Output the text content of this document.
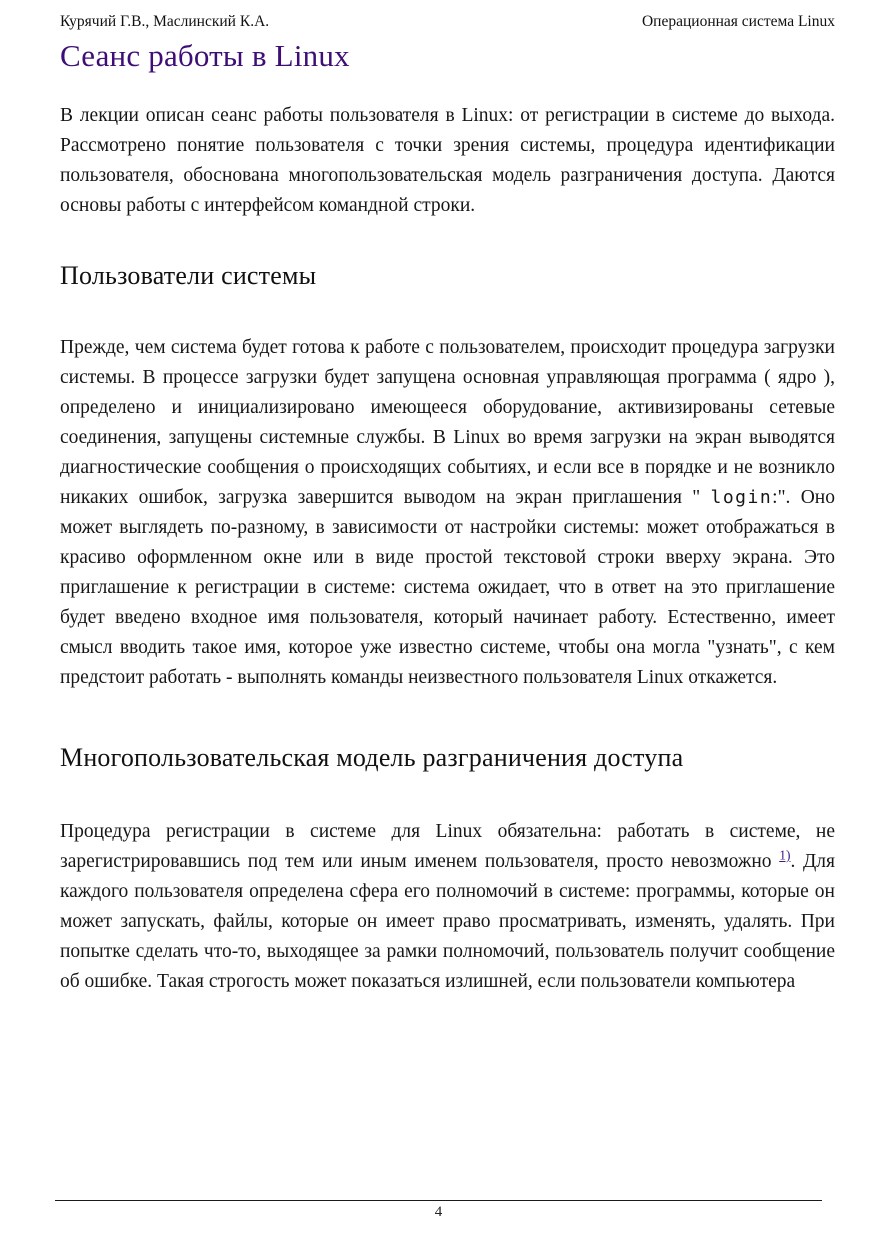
Курячий Г.В., Маслинский К.А.	Операционная система Linux
Сеанс работы в Linux

В лекции описан сеанс работы пользователя в Linux: от регистрации в системе до выхода. Рассмотрено понятие пользователя с точки зрения системы, процедура идентификации пользователя, обоснована многопользовательская модель разграничения доступа. Даются основы работы с интерфейсом командной строки.

Пользователи системы

Прежде, чем система будет готова к работе с пользователем, происходит процедура загрузки системы. В процессе загрузки будет запущена основная управляющая программа ( ядро ), определено и инициализировано имеющееся оборудование, активизированы сетевые соединения, запущены системные службы. В Linux во время загрузки на экран выводятся диагностические сообщения о происходящих событиях, и если все в порядке и не возникло никаких ошибок, загрузка завершится выводом на экран приглашения " login:". Оно может выглядеть по-разному, в зависимости от настройки системы: может отображаться в красиво оформленном окне или в виде простой текстовой строки вверху экрана. Это приглашение к регистрации в системе: система ожидает, что в ответ на это приглашение будет введено входное имя пользователя, который начинает работу. Естественно, имеет смысл вводить такое имя, которое уже известно системе, чтобы она могла "узнать", с кем предстоит работать - выполнять команды неизвестного пользователя Linux откажется.

Многопользовательская модель разграничения доступа

Процедура регистрации в системе для Linux обязательна: работать в системе, не зарегистрировавшись под тем или иным именем пользователя, просто невозможно $^{1)}$. Для каждого пользователя определена сфера его полномочий в системе: программы, которые он может запускать, файлы, которые он имеет право просматривать, изменять, удалять. При попытке сделать что-то, выходящее за рамки полномочий, пользователь получит сообщение об ошибке. Такая строгость может показаться излишней, если пользователи компьютера

4
